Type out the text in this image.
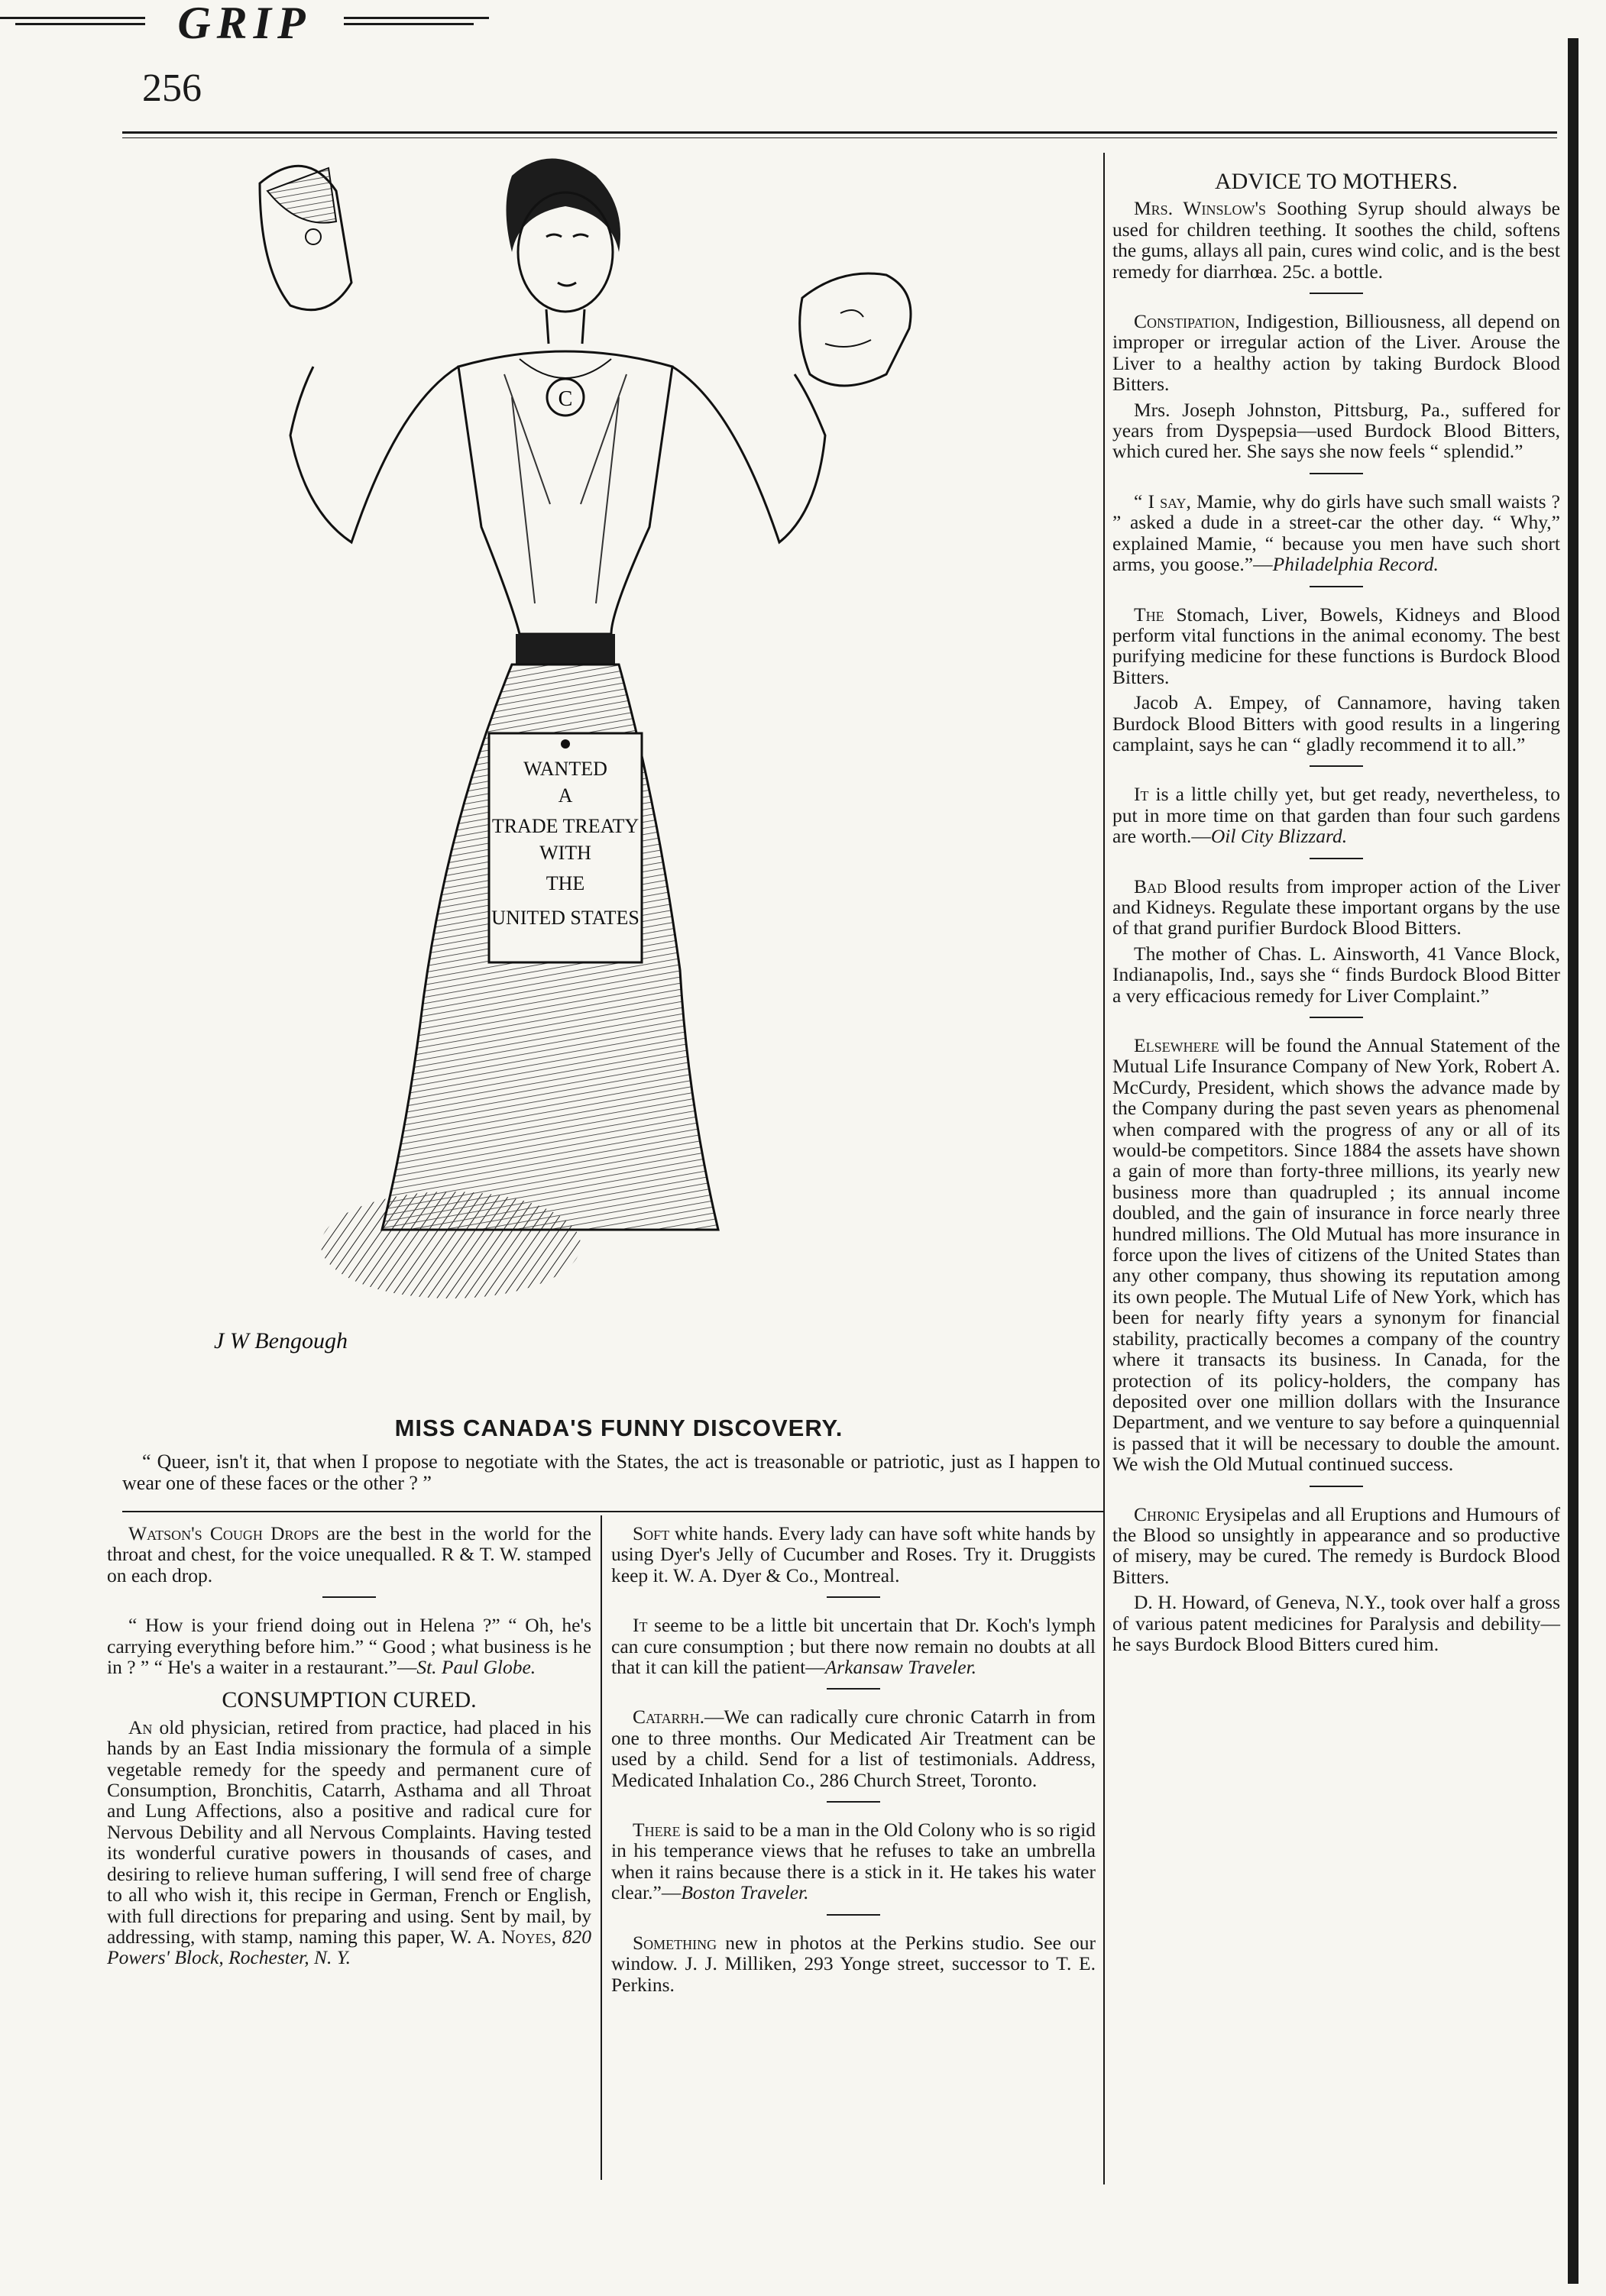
256
GRIP
C
WANTED
A
TRADE TREATY
WITH
THE
UNITED STATES
J W Bengough
MISS CANADA'S FUNNY DISCOVERY.
“ Queer, isn't it, that when I propose to negotiate with the States, the act is treasonable or patriotic, just as I happen to wear one of these faces or the other ? ”
ADVICE TO MOTHERS.

Mrs. Winslow's Soothing Syrup should always be used for children teething. It soothes the child, softens the gums, allays all pain, cures wind colic, and is the best remedy for diarrhœa. 25c. a bottle.

Constipation, Indigestion, Billiousness, all depend on improper or irregular action of the Liver. Arouse the Liver to a healthy action by taking Burdock Blood Bitters.

Mrs. Joseph Johnston, Pittsburg, Pa., suffered for years from Dyspepsia—used Burdock Blood Bitters, which cured her. She says she now feels “ splendid.”

“ I say, Mamie, why do girls have such small waists ? ” asked a dude in a street-car the other day. “ Why,” explained Mamie, “ because you men have such short arms, you goose.”—Philadelphia Record.

The Stomach, Liver, Bowels, Kidneys and Blood perform vital functions in the animal economy. The best purifying medicine for these functions is Burdock Blood Bitters.

Jacob A. Empey, of Cannamore, having taken Burdock Blood Bitters with good results in a lingering camplaint, says he can “ gladly recommend it to all.”

It is a little chilly yet, but get ready, nevertheless, to put in more time on that garden than four such gardens are worth.—Oil City Blizzard.

Bad Blood results from improper action of the Liver and Kidneys. Regulate these important organs by the use of that grand purifier Burdock Blood Bitters.

The mother of Chas. L. Ainsworth, 41 Vance Block, Indianapolis, Ind., says she “ finds Burdock Blood Bitter a very efficacious remedy for Liver Complaint.”

Elsewhere will be found the Annual Statement of the Mutual Life Insurance Company of New York, Robert A. McCurdy, President, which shows the advance made by the Company during the past seven years as phenomenal when compared with the progress of any or all of its would-be competitors. Since 1884 the assets have shown a gain of more than forty-three millions, its yearly new business more than quadrupled ; its annual income doubled, and the gain of insurance in force nearly three hundred millions. The Old Mutual has more insurance in force upon the lives of citizens of the United States than any other company, thus showing its reputation among its own people. The Mutual Life of New York, which has been for nearly fifty years a synonym for financial stability, practically becomes a company of the country where it transacts its business. In Canada, for the protection of its policy-holders, the company has deposited over one million dollars with the Insurance Department, and we venture to say before a quinquennial is passed that it will be necessary to double the amount. We wish the Old Mutual continued success.

Chronic Erysipelas and all Eruptions and Humours of the Blood so unsightly in appearance and so productive of misery, may be cured. The remedy is Burdock Blood Bitters.

D. H. Howard, of Geneva, N.Y., took over half a gross of various patent medicines for Paralysis and debility—he says Burdock Blood Bitters cured him.

Watson's Cough Drops are the best in the world for the throat and chest, for the voice unequalled. R & T. W. stamped on each drop.

“ How is your friend doing out in Helena ?” “ Oh, he's carrying everything before him.” “ Good ; what business is he in ? ” “ He's a waiter in a restaurant.”—St. Paul Globe.

CONSUMPTION CURED.

An old physician, retired from practice, had placed in his hands by an East India missionary the formula of a simple vegetable remedy for the speedy and permanent cure of Consumption, Bronchitis, Catarrh, Asthama and all Throat and Lung Affections, also a positive and radical cure for Nervous Debility and all Nervous Complaints. Having tested its wonderful curative powers in thousands of cases, and desiring to relieve human suffering, I will send free of charge to all who wish it, this recipe in German, French or English, with full directions for preparing and using. Sent by mail, by addressing, with stamp, naming this paper, W. A. Noyes, 820 Powers' Block, Rochester, N. Y.

Soft white hands. Every lady can have soft white hands by using Dyer's Jelly of Cucumber and Roses. Try it. Druggists keep it. W. A. Dyer & Co., Montreal.

It seeme to be a little bit uncertain that Dr. Koch's lymph can cure consumption ; but there now remain no doubts at all that it can kill the patient—Arkansaw Traveler.

Catarrh.—We can radically cure chronic Catarrh in from one to three months. Our Medicated Air Treatment can be used by a child. Send for a list of testimonials. Address, Medicated Inhalation Co., 286 Church Street, Toronto.

There is said to be a man in the Old Colony who is so rigid in his temperance views that he refuses to take an umbrella when it rains because there is a stick in it. He takes his water clear.”—Boston Traveler.

Something new in photos at the Perkins studio. See our window. J. J. Milliken, 293 Yonge street, successor to T. E. Perkins.
